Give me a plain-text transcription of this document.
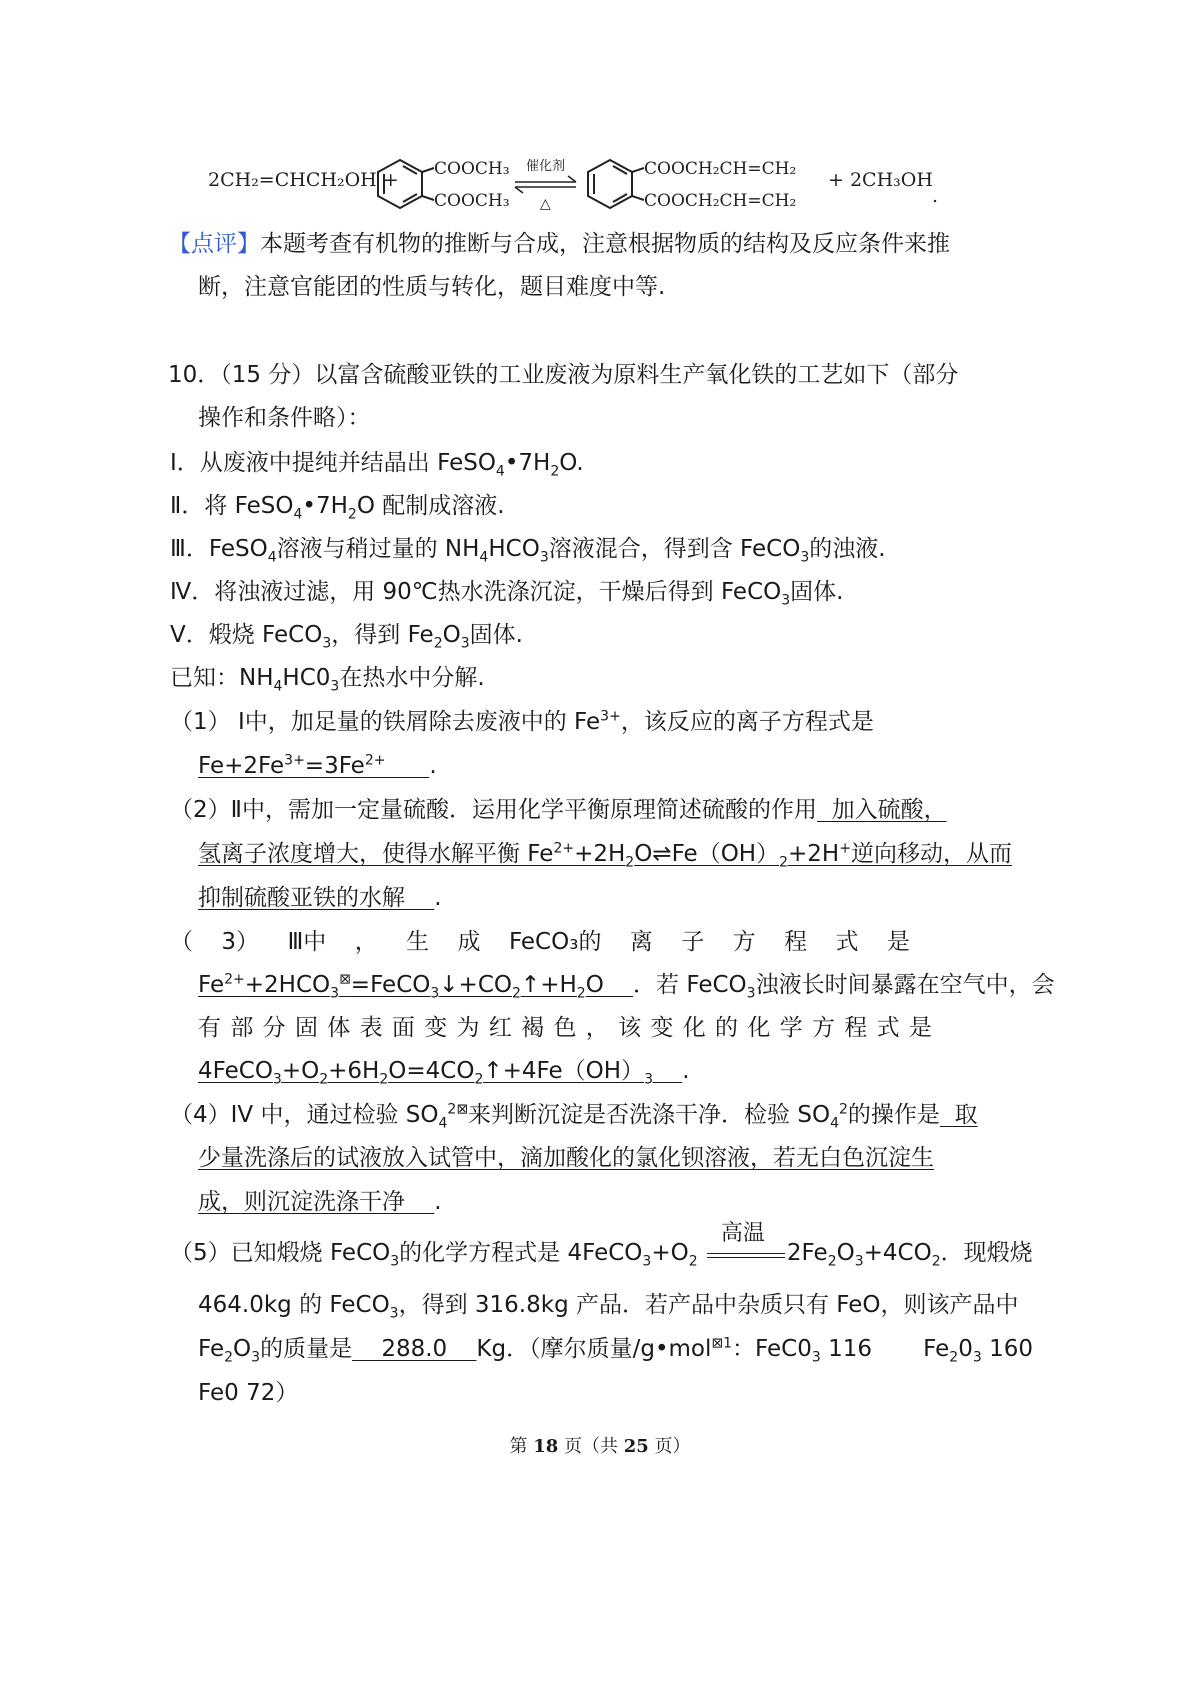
2CH₂=CHCH₂OH + COOCH₃
COOCH₃
催化剂
△
COOCH₂CH=CH₂
COOCH₂CH=CH₂
+ 2CH₃OH
.
【点评】本题考查有机物的推断与合成，注意根据物质的结构及反应条件来推
断，注意官能团的性质与转化，题目难度中等.
10．（15 分）以富含硫酸亚铁的工业废液为原料生产氧化铁的工艺如下（部分
操作和条件略）：
Ⅰ．从废液中提纯并结晶出 $FeSO_4•7H_2O$.
Ⅱ．将 $FeSO_4•7H_2O$ 配制成溶液.
Ⅲ．FeSO$_4$溶液与稍过量的 $NH_4HCO_3$溶液混合，得到含 FeCO$_3$的浊液.
Ⅳ．将浊液过滤，用 90℃热水洗涤沉淀，干燥后得到 FeCO$_3$固体.
V．煅烧 FeCO$_3$，得到 $Fe_2O_3$固体.
已知：$NH_4HC0_3$在热水中分解.
（1） Ⅰ中，加足量的铁屑除去废液中的 $Fe^{3+}$，该反应的离子方程式是
$Fe+2Fe^{3+}=3Fe^{2+}$ .
（2）Ⅱ中，需加一定量硫酸．运用化学平衡原理简述硫酸的作用  加入硫酸，
氢离子浓度增大，使得水解平衡 $Fe^{2+}+2H_2O\rightleftharpoons Fe(OH)_2+2H^+$逆向移动，从而
抑制硫酸亚铁的水解    .
（ 3） Ⅲ中 ， 生 成 FeCO₃的 离 子 方 程 式 是
$Fe^{2+}+2HCO_3^⊠=FeCO_3↓+CO_2↑+H_2O$    ．若 FeCO$_3$浊液长时间暴露在空气中，会
有 部 分 固 体 表 面 变 为 红 褐 色 ， 该 变 化 的 化 学 方 程 式 是
$4FeCO_3+O_2+6H_2O=4CO_2↑+4Fe(OH)_3$ .
（4）IV 中，通过检验 $SO_4^{2⊠}$来判断沉淀是否洗涤干净．检验 $SO_4^2$的操作是  取
少量洗涤后的试液放入试管中，滴加酸化的氯化钡溶液，若无白色沉淀生
成，则沉淀洗涤干净    .
（5）已知煅烧 FeCO$_3$的化学方程式是 $4FeCO_3+O_2$
高温
$2Fe_2O_3+4CO_2$．现煅烧
464.0kg 的 FeCO$_3$，得到 316.8kg 产品．若产品中杂质只有 FeO，则该产品中
$Fe_2O_3$的质量是    288.0    Kg．（摩尔质量/g•mol$^{⊠1}$：$FeC0_3$ 116       $Fe_20_3$ 160
Fe0 72）
第 18 页（共 25 页）
